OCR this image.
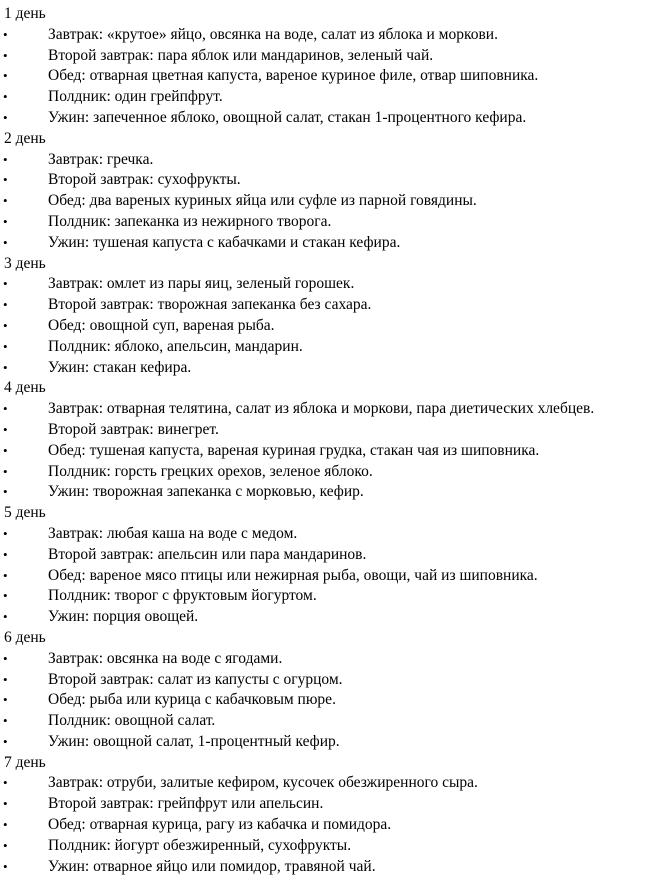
1 день
•	Завтрак: «крутое» яйцо, овсянка на воде, салат из яблока и моркови.
•	Второй завтрак: пара яблок или мандаринов, зеленый чай.
•	Обед: отварная цветная капуста, вареное куриное филе, отвар шиповника.
•	Полдник: один грейпфрут.
•	Ужин: запеченное яблоко, овощной салат, стакан 1-процентного кефира.
2 день
•	Завтрак: гречка.
•	Второй завтрак: сухофрукты.
•	Обед: два вареных куриных яйца или суфле из парной говядины.
•	Полдник: запеканка из нежирного творога.
•	Ужин: тушеная капуста с кабачками и стакан кефира.
3 день
•	Завтрак: омлет из пары яиц, зеленый горошек.
•	Второй завтрак: творожная запеканка без сахара.
•	Обед: овощной суп, вареная рыба.
•	Полдник: яблоко, апельсин, мандарин.
•	Ужин: стакан кефира.
4 день
•	Завтрак: отварная телятина, салат из яблока и моркови, пара диетических хлебцев.
•	Второй завтрак: винегрет.
•	Обед: тушеная капуста, вареная куриная грудка, стакан чая из шиповника.
•	Полдник: горсть грецких орехов, зеленое яблоко.
•	Ужин: творожная запеканка с морковью, кефир.
5 день
•	Завтрак: любая каша на воде с медом.
•	Второй завтрак: апельсин или пара мандаринов.
•	Обед: вареное мясо птицы или нежирная рыба, овощи, чай из шиповника.
•	Полдник: творог с фруктовым йогуртом.
•	Ужин: порция овощей.
6 день
•	Завтрак: овсянка на воде с ягодами.
•	Второй завтрак: салат из капусты с огурцом.
•	Обед: рыба или курица с кабачковым пюре.
•	Полдник: овощной салат.
•	Ужин: овощной салат, 1-процентный кефир.
7 день
•	Завтрак: отруби, залитые кефиром, кусочек обезжиренного сыра.
•	Второй завтрак: грейпфрут или апельсин.
•	Обед: отварная курица, рагу из кабачка и помидора.
•	Полдник: йогурт обезжиренный, сухофрукты.
•	Ужин: отварное яйцо или помидор, травяной чай.
